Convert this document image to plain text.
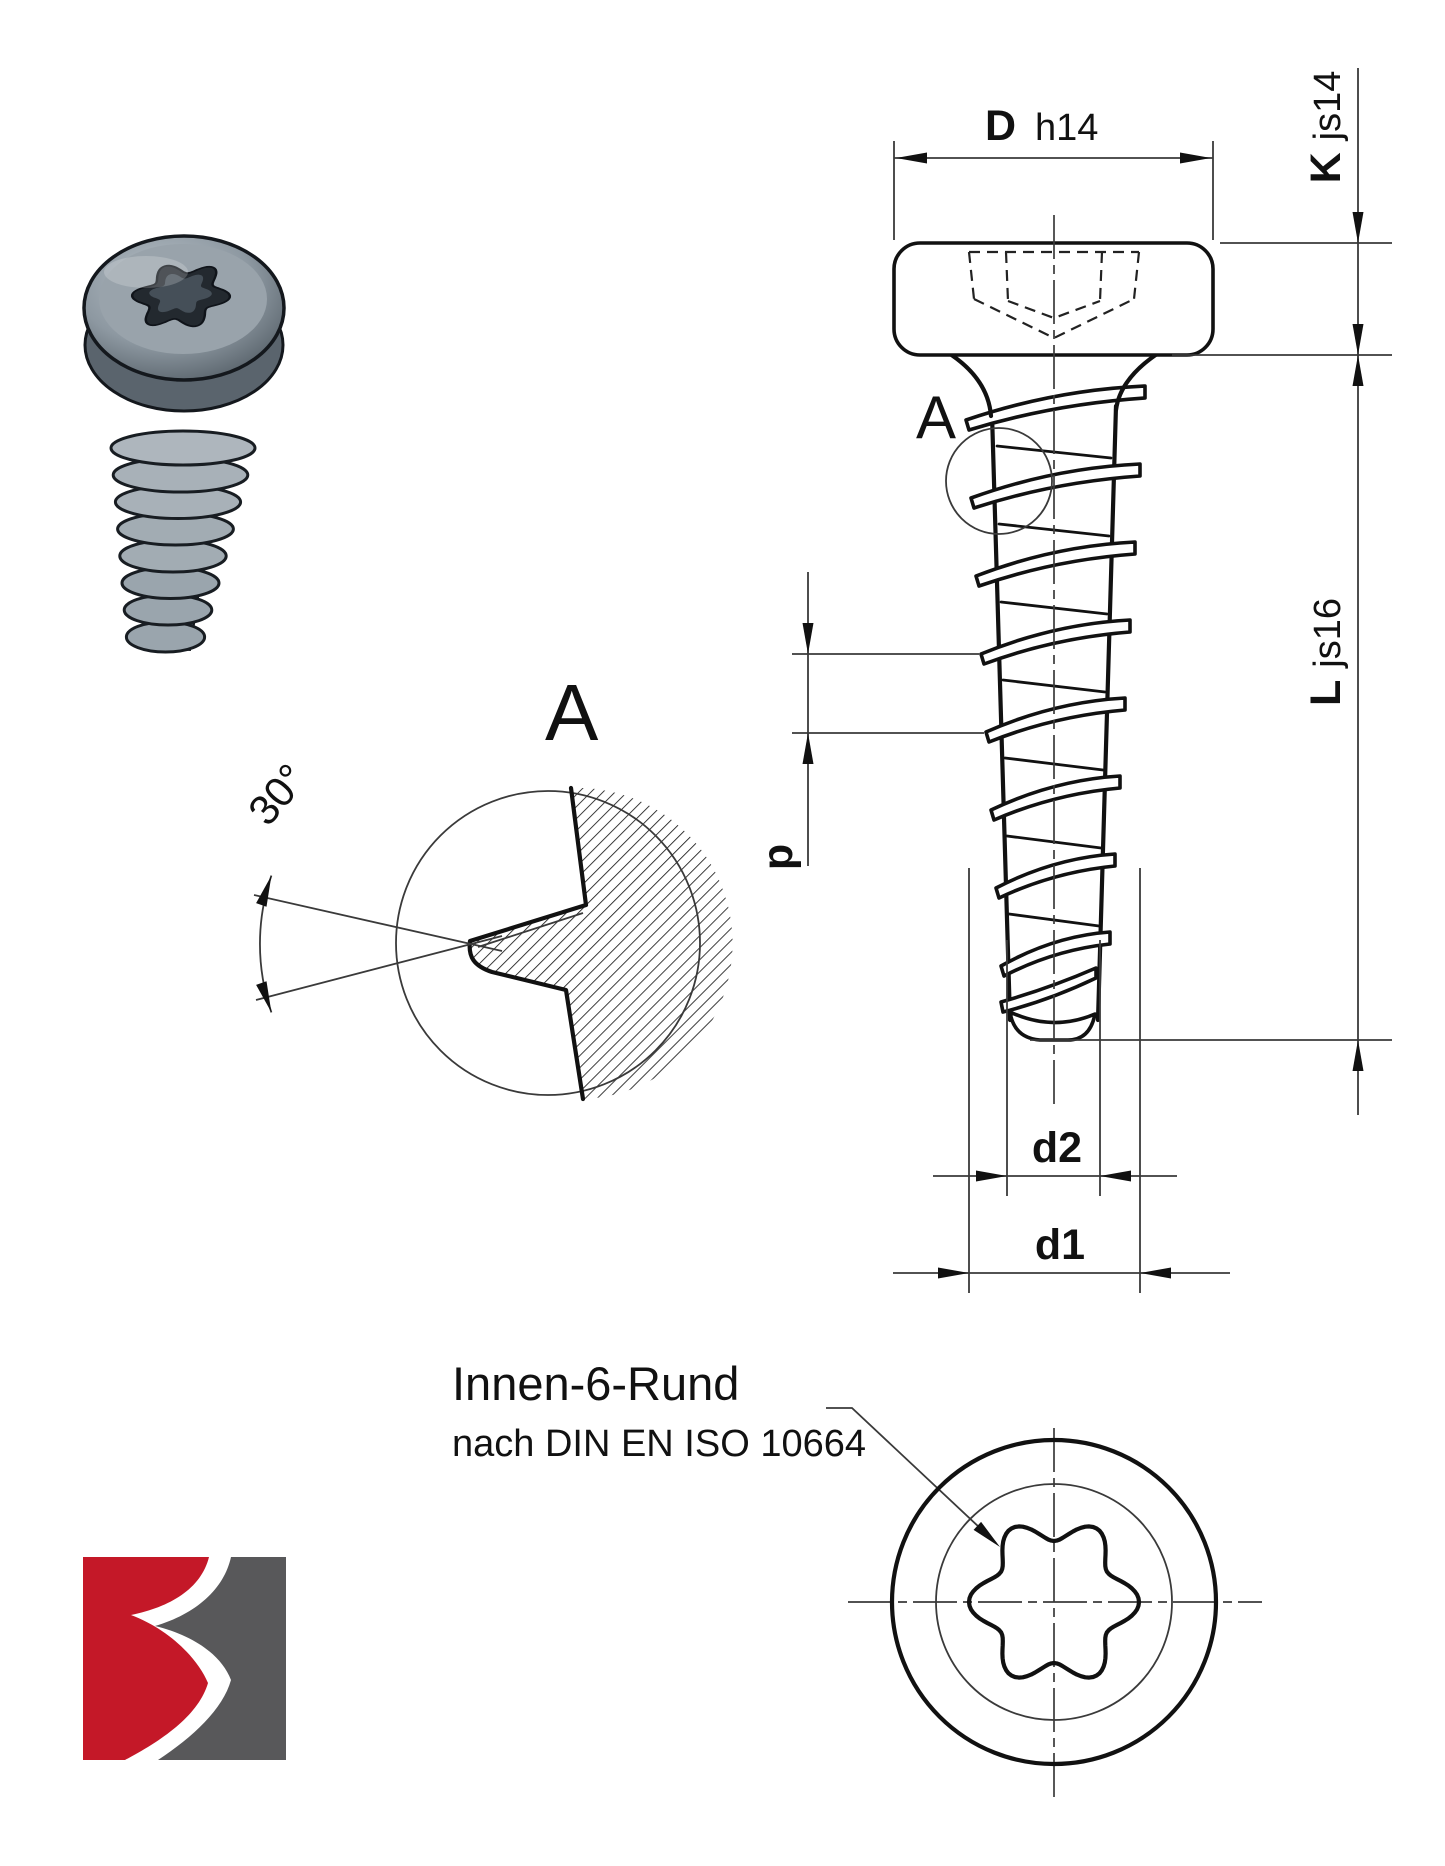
A
D h14
Kjs14
Ljs16
p
d2
d1
30°
A
Innen-6-Rund
nach DIN EN ISO 10664
